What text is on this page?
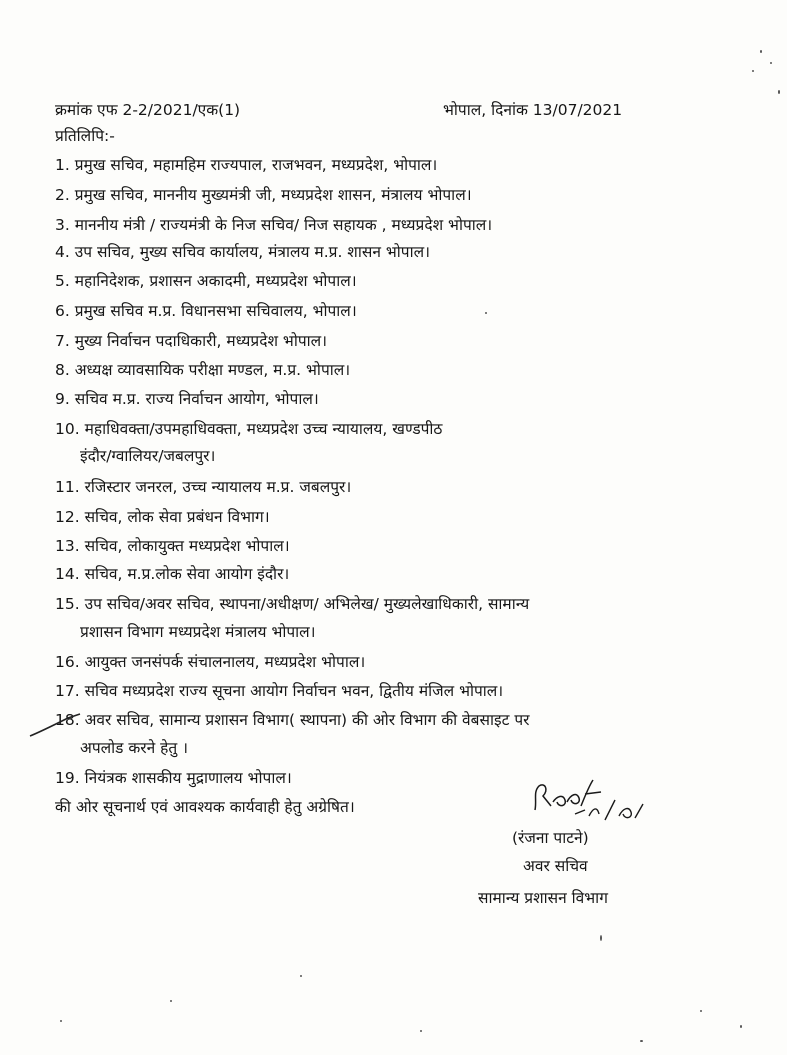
क्रमांक एफ 2-2/2021/एक(1)	भोपाल, दिनांक 13/07/2021
प्रतिलिपि:-
1. प्रमुख सचिव, महामहिम राज्यपाल, राजभवन, मध्यप्रदेश, भोपाल।
2. प्रमुख सचिव, माननीय मुख्यमंत्री जी, मध्यप्रदेश शासन, मंत्रालय भोपाल।
3. माननीय मंत्री / राज्यमंत्री के निज सचिव/ निज सहायक , मध्यप्रदेश भोपाल।
4. उप सचिव, मुख्य सचिव कार्यालय, मंत्रालय म.प्र. शासन भोपाल।
5. महानिदेशक, प्रशासन अकादमी, मध्यप्रदेश भोपाल।
6. प्रमुख सचिव म.प्र. विधानसभा सचिवालय, भोपाल।
7. मुख्य निर्वाचन पदाधिकारी, मध्यप्रदेश भोपाल।
8. अध्यक्ष व्यावसायिक परीक्षा मण्डल, म.प्र. भोपाल।
9. सचिव म.प्र. राज्य निर्वाचन आयोग, भोपाल।
10. महाधिवक्ता/उपमहाधिवक्ता, मध्यप्रदेश उच्च न्यायालय, खण्डपीठ
इंदौर/ग्वालियर/जबलपुर।
11. रजिस्टार जनरल, उच्च न्यायालय म.प्र. जबलपुर।
12. सचिव, लोक सेवा प्रबंधन विभाग।
13. सचिव, लोकायुक्त मध्यप्रदेश भोपाल।
14. सचिव, म.प्र.लोक सेवा आयोग इंदौर।
15. उप सचिव/अवर सचिव, स्थापना/अधीक्षण/ अभिलेख/ मुख्यलेखाधिकारी, सामान्य
प्रशासन विभाग मध्यप्रदेश मंत्रालय भोपाल।
16. आयुक्त जनसंपर्क संचालनालय, मध्यप्रदेश भोपाल।
17. सचिव मध्यप्रदेश राज्य सूचना आयोग निर्वाचन भवन, द्वितीय मंजिल भोपाल।
18. अवर सचिव, सामान्य प्रशासन विभाग( स्थापना) की ओर विभाग की वेबसाइट पर
अपलोड करने हेतु ।
19. नियंत्रक शासकीय मुद्राणालय भोपाल।
की ओर सूचनार्थ एवं आवश्यक कार्यवाही हेतु अग्रेषित।
(रंजना पाटने)
अवर सचिव
सामान्य प्रशासन विभाग
